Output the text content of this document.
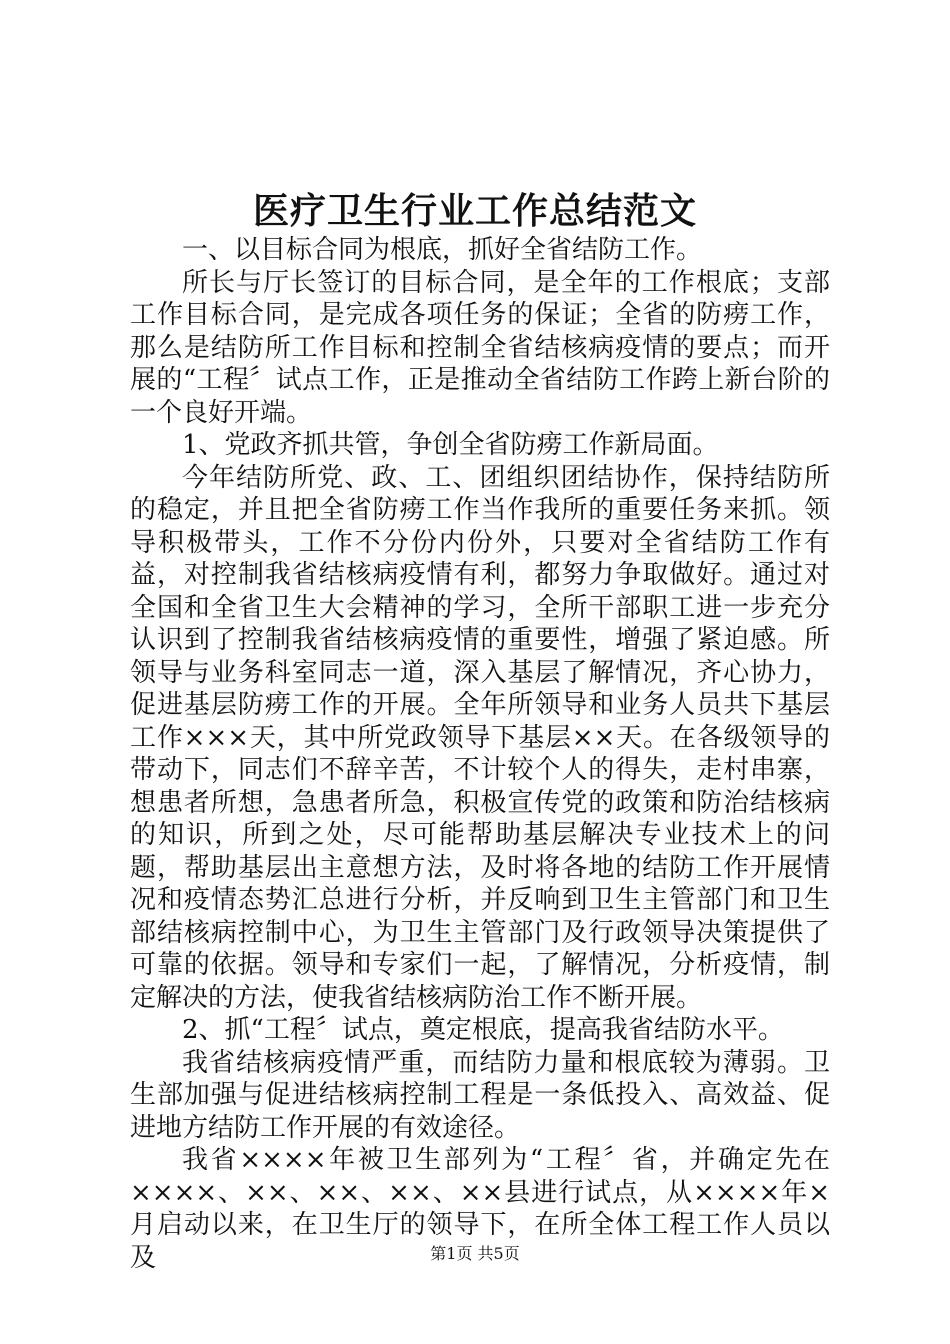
医疗卫生行业工作总结范文

一、以目标合同为根底，抓好全省结防工作。

所长与厅长签订的目标合同，是全年的工作根底；支部工作目标合同，是完成各项任务的保证；全省的防痨工作，那么是结防所工作目标和控制全省结核病疫情的要点；而开展的“工程〞试点工作，正是推动全省结防工作跨上新台阶的一个良好开端。

1、党政齐抓共管，争创全省防痨工作新局面。

今年结防所党、政、工、团组织团结协作，保持结防所的稳定，并且把全省防痨工作当作我所的重要任务来抓。领导积极带头，工作不分份内份外，只要对全省结防工作有益，对控制我省结核病疫情有利，都努力争取做好。通过对全国和全省卫生大会精神的学习，全所干部职工进一步充分认识到了控制我省结核病疫情的重要性，增强了紧迫感。所领导与业务科室同志一道，深入基层了解情况，齐心协力，促进基层防痨工作的开展。全年所领导和业务人员共下基层工作×××天，其中所党政领导下基层××天。在各级领导的带动下，同志们不辞辛苦，不计较个人的得失，走村串寨，想患者所想，急患者所急，积极宣传党的政策和防治结核病的知识，所到之处，尽可能帮助基层解决专业技术上的问题，帮助基层出主意想方法，及时将各地的结防工作开展情况和疫情态势汇总进行分析，并反响到卫生主管部门和卫生部结核病控制中心，为卫生主管部门及行政领导决策提供了可靠的依据。领导和专家们一起，了解情况，分析疫情，制定解决的方法，使我省结核病防治工作不断开展。

2、抓“工程〞试点，奠定根底，提高我省结防水平。

我省结核病疫情严重，而结防力量和根底较为薄弱。卫生部加强与促进结核病控制工程是一条低投入、高效益、促进地方结防工作开展的有效途径。

我省××××年被卫生部列为“工程〞省，并确定先在××××、××、××、××、××县进行试点，从××××年×月启动以来，在卫生厅的领导下，在所全体工程工作人员以及	第1页 共5页
